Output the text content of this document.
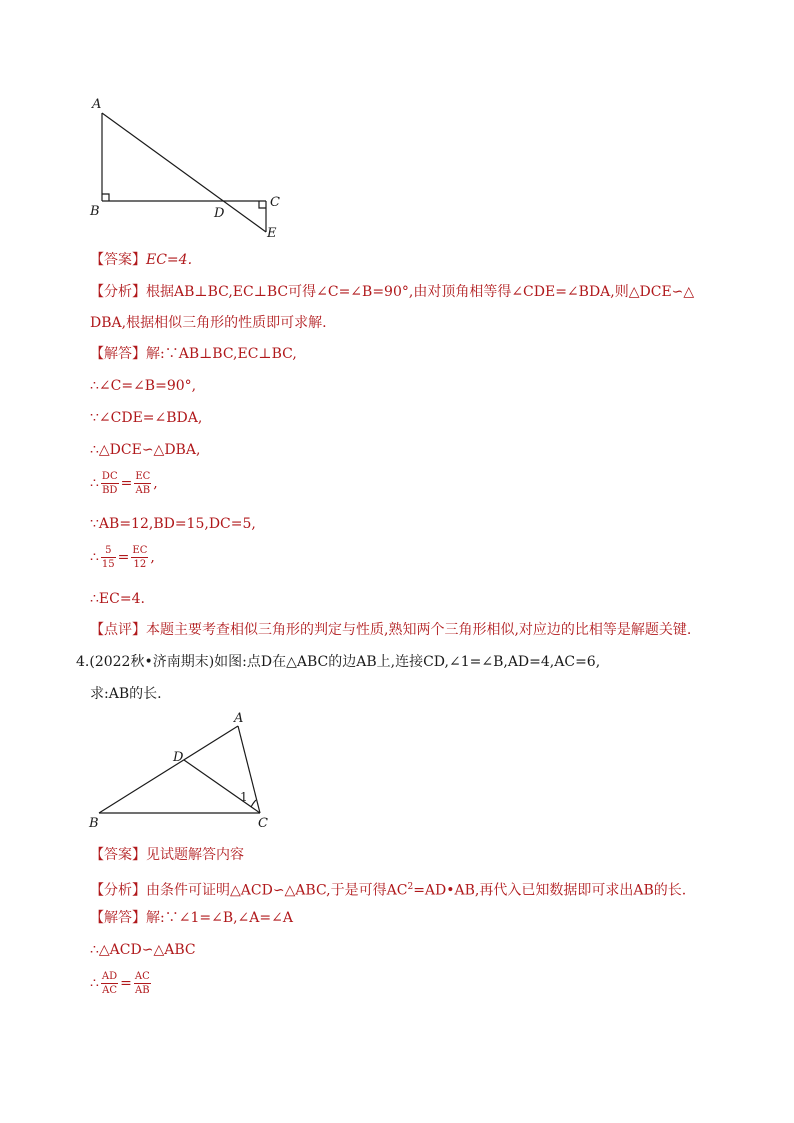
A
B	D
C
E
【答案】EC=4.
【分析】根据AB⊥BC,EC⊥BC可得∠C=∠B=90°,由对顶角相等得∠CDE=∠BDA,则△DCE∽△
DBA,根据相似三角形的性质即可求解.
【解答】解:∵AB⊥BC,EC⊥BC,
∴∠C=∠B=90°,
∵∠CDE=∠BDA,
∴△DCE∽△DBA,
∴ $\frac{DC}{BD} = \frac{EC}{AB}$ ,
∵AB=12,BD=15,DC=5,
∴ $\frac{5}{15} = \frac{EC}{12}$ ,
∴EC=4.
【点评】本题主要考查相似三角形的判定与性质,熟知两个三角形相似,对应边的比相等是解题关键.
4.(2022秋•济南期末)如图:点D在△ABC的边AB上,连接CD,∠1=∠B,AD=4,AC=6,
求:AB的长.
A
D
B	C
1
【答案】见试题解答内容
【分析】由条件可证明△ACD∽△ABC,于是可得$AC^2=AD•AB$,再代入已知数据即可求出AB的长.
【解答】解:∵∠1=∠B,∠A=∠A
∴△ACD∽△ABC
∴ $\frac{AD}{AC} = \frac{AC}{AB}$
